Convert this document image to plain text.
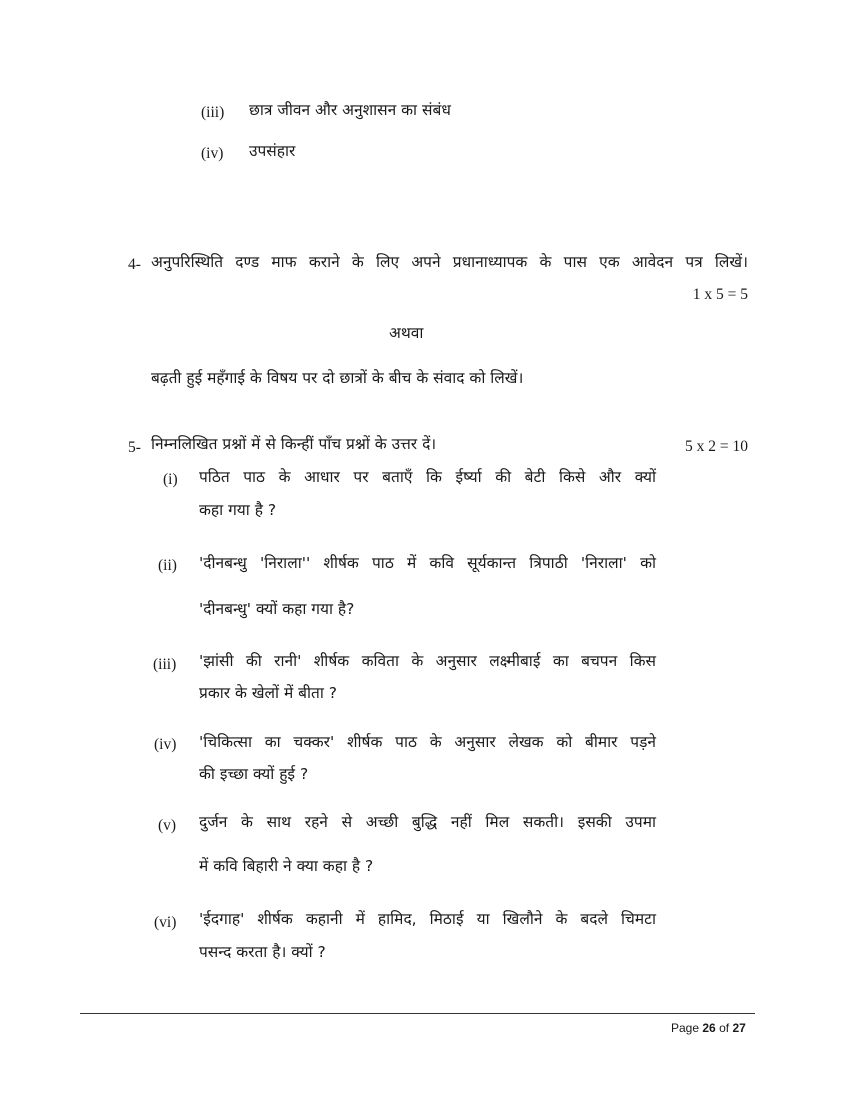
(iii) छात्र जीवन और अनुशासन का संबंध
(iv) उपसंहार
4- अनुपरिस्थिति दण्ड माफ कराने के लिए अपने प्रधानाध्यापक के पास एक आवेदन पत्र लिखें।
1 x 5 = 5
अथवा
बढ़ती हुई महँगाई के विषय पर दो छात्रों के बीच के संवाद को लिखें।
5- निम्नलिखित प्रश्नों में से किन्हीं पाँच प्रश्नों के उत्तर दें।	5 x 2 = 10
(i) पठित पाठ के आधार पर बताएँ कि ईर्ष्या की बेटी किसे और क्यों
कहा गया है ?
(ii) 'दीनबन्धु 'निराला'' शीर्षक पाठ में कवि सूर्यकान्त त्रिपाठी 'निराला' को
'दीनबन्धु' क्यों कहा गया है?
(iii) 'झांसी की रानी' शीर्षक कविता के अनुसार लक्ष्मीबाई का बचपन किस
प्रकार के खेलों में बीता ?
(iv) 'चिकित्सा का चक्कर' शीर्षक पाठ के अनुसार लेखक को बीमार पड़ने
की इच्छा क्यों हुई ?
(v) दुर्जन के साथ रहने से अच्छी बुद्धि नहीं मिल सकती। इसकी उपमा
में कवि बिहारी ने क्या कहा है ?
(vi) 'ईदगाह' शीर्षक कहानी में हामिद, मिठाई या खिलौने के बदले चिमटा
पसन्द करता है। क्यों ?
Page 26 of 27
